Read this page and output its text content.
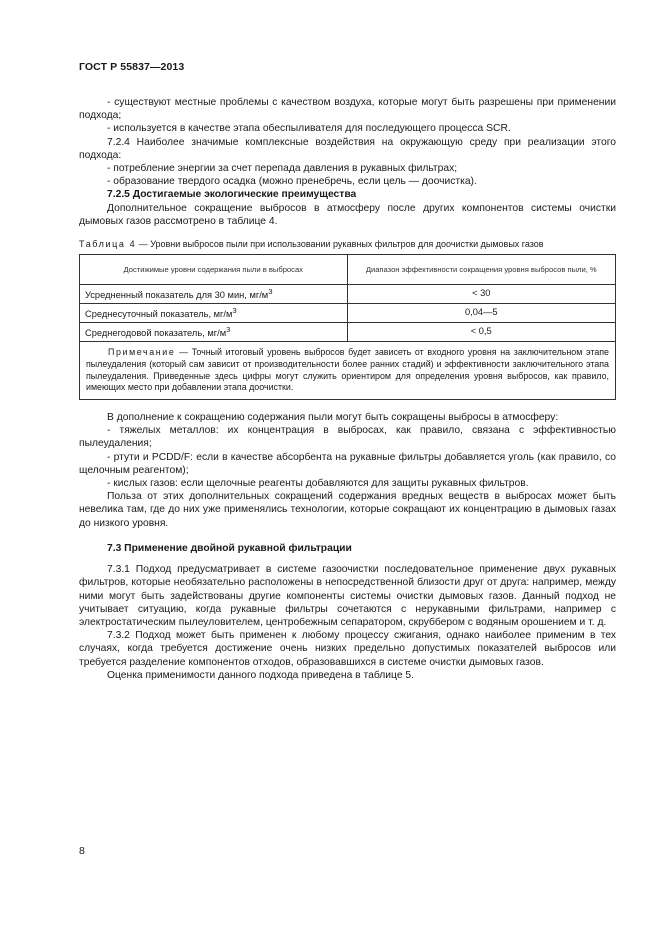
ГОСТ Р 55837—2013

- существуют местные проблемы с качеством воздуха, которые могут быть разрешены при применении подхода;

- используется в качестве этапа обеспыливателя для последующего процесса SCR.

7.2.4 Наиболее значимые комплексные воздействия на окружающую среду при реализации этого подхода:

- потребление энергии за счет перепада давления в рукавных фильтрах;

- образование твердого осадка (можно пренебречь, если цель — доочистка).

7.2.5 Достигаемые экологические преимущества

Дополнительное сокращение выбросов в атмосферу после других компонентов системы очистки дымовых газов рассмотрено в таблице 4.

Таблица 4 — Уровни выбросов пыли при использовании рукавных фильтров для доочистки дымовых газов

Достижимые уровни содержания пыли в выбросах	Диапазон эффективности сокращения уровня выбросов пыли, %
Усредненный показатель для 30 мин, $мг/м^3$	< 30
Среднесуточный показатель, $мг/м^3$	0,04—5
Среднегодовой показатель, $мг/м^3$	< 0,5
Примечание — Точный итоговый уровень выбросов будет зависеть от входного уровня на заключительном этапе пылеудаления (который сам зависит от производительности более ранних стадий) и эффективности заключительного этапа пылеудаления. Приведенные здесь цифры могут служить ориентиром для определения уровня выбросов, как правило, имеющих место при добавлении этапа доочистки.	

В дополнение к сокращению содержания пыли могут быть сокращены выбросы в атмосферу:

- тяжелых металлов: их концентрация в выбросах, как правило, связана с эффективностью пылеудаления;

- ртути и PCDD/F: если в качестве абсорбента на рукавные фильтры добавляется уголь (как правило, со щелочным реагентом);

- кислых газов: если щелочные реагенты добавляются для защиты рукавных фильтров.

Польза от этих дополнительных сокращений содержания вредных веществ в выбросах может быть невелика там, где до них уже применялись технологии, которые сокращают их концентрацию в дымовых газах до низкого уровня.

7.3 Применение двойной рукавной фильтрации

7.3.1 Подход предусматривает в системе газоочистки последовательное применение двух рукавных фильтров, которые необязательно расположены в непосредственной близости друг от друга: например, между ними могут быть задействованы другие компоненты системы очистки дымовых газов. Данный подход не учитывает ситуацию, когда рукавные фильтры сочетаются с нерукавными фильтрами, например с электростатическим пылеуловителем, центробежным сепаратором, скруббером с водяным орошением и т. д.

7.3.2 Подход может быть применен к любому процессу сжигания, однако наиболее применим в тех случаях, когда требуется достижение очень низких предельно допустимых показателей выбросов или требуется разделение компонентов отходов, образовавшихся в системе очистки дымовых газов.

Оценка применимости данного подхода приведена в таблице 5.

8
